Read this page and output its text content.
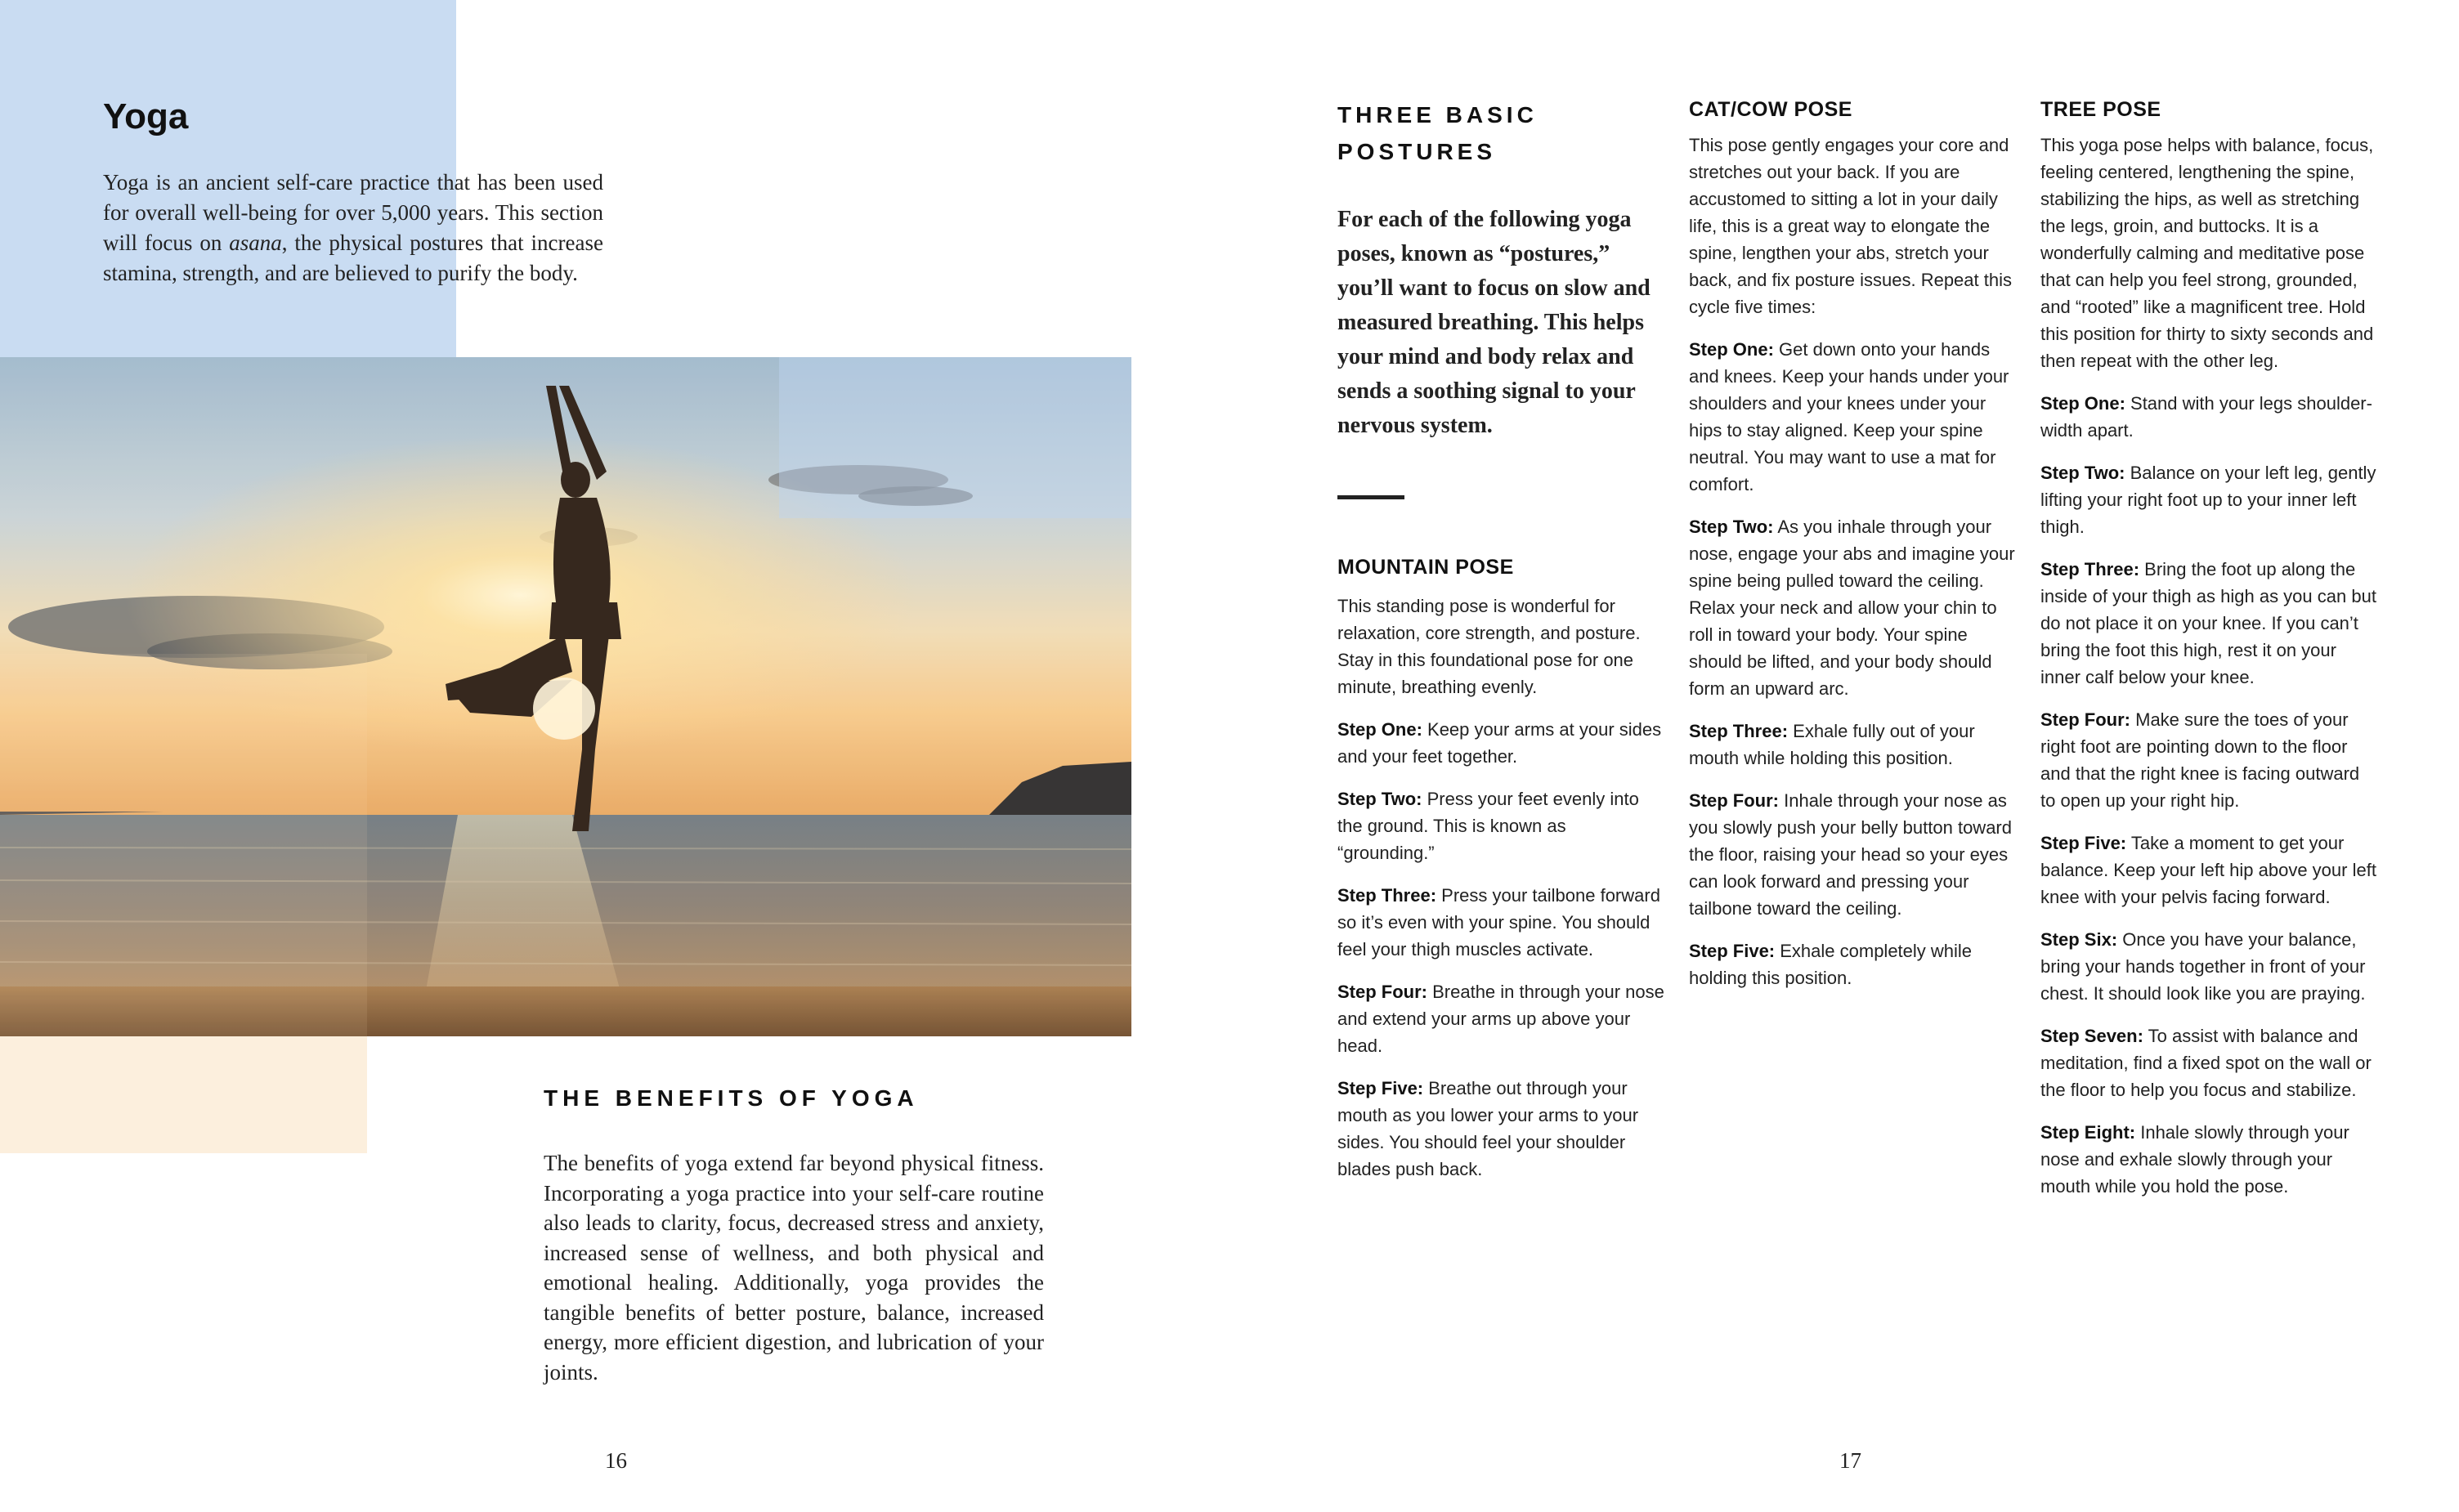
Yoga
Yoga is an ancient self-care practice that has been used for overall well-being for over 5,000 years. This section will focus on asana, the physical postures that increase stamina, strength, and are believed to purify the body.
THE BENEFITS OF YOGA
The benefits of yoga extend far beyond physical fitness. Incorporating a yoga practice into your self-care routine also leads to clarity, focus, decreased stress and anxiety, increased sense of wellness, and both physical and emotional healing. Additionally, yoga provides the tangible benefits of better posture, balance, increased energy, more efficient digestion, and lubrication of your joints.
16
THREE BASIC
POSTURES
For each of the following yoga poses, known as “postures,” you’ll want to focus on slow and measured breathing. This helps your mind and body relax and sends a soothing signal to your nervous system.
MOUNTAIN POSE

This standing pose is wonderful for relaxation, core strength, and posture. Stay in this foundational pose for one minute, breathing evenly.

Step One: Keep your arms at your sides and your feet together.

Step Two: Press your feet evenly into the ground. This is known as “grounding.”

Step Three: Press your tailbone forward so it’s even with your spine. You should feel your thigh muscles activate.

Step Four: Breathe in through your nose and extend your arms up above your head.

Step Five: Breathe out through your mouth as you lower your arms to your sides. You should feel your shoulder blades push back.

CAT/COW POSE

This pose gently engages your core and stretches out your back. If you are accustomed to sitting a lot in your daily life, this is a great way to elongate the spine, lengthen your abs, stretch your back, and fix posture issues. Repeat this cycle five times:

Step One: Get down onto your hands and knees. Keep your hands under your shoulders and your knees under your hips to stay aligned. Keep your spine neutral. You may want to use a mat for comfort.

Step Two: As you inhale through your nose, engage your abs and imagine your spine being pulled toward the ceiling. Relax your neck and allow your chin to roll in toward your body. Your spine should be lifted, and your body should form an upward arc.

Step Three: Exhale fully out of your mouth while holding this position.

Step Four: Inhale through your nose as you slowly push your belly button toward the floor, raising your head so your eyes can look forward and pressing your tailbone toward the ceiling.

Step Five: Exhale completely while holding this position.

TREE POSE

This yoga pose helps with balance, focus, feeling centered, lengthening the spine, stabilizing the hips, as well as stretching the legs, groin, and buttocks. It is a wonderfully calming and meditative pose that can help you feel strong, grounded, and “rooted” like a magnificent tree. Hold this position for thirty to sixty seconds and then repeat with the other leg.

Step One: Stand with your legs shoulder-width apart.

Step Two: Balance on your left leg, gently lifting your right foot up to your inner left thigh.

Step Three: Bring the foot up along the inside of your thigh as high as you can but do not place it on your knee. If you can’t bring the foot this high, rest it on your inner calf below your knee.

Step Four: Make sure the toes of your right foot are pointing down to the floor and that the right knee is facing outward to open up your right hip.

Step Five: Take a moment to get your balance. Keep your left hip above your left knee with your pelvis facing forward.

Step Six: Once you have your balance, bring your hands together in front of your chest. It should look like you are praying.

Step Seven: To assist with balance and meditation, find a fixed spot on the wall or the floor to help you focus and stabilize.

Step Eight: Inhale slowly through your nose and exhale slowly through your mouth while you hold the pose.

17
